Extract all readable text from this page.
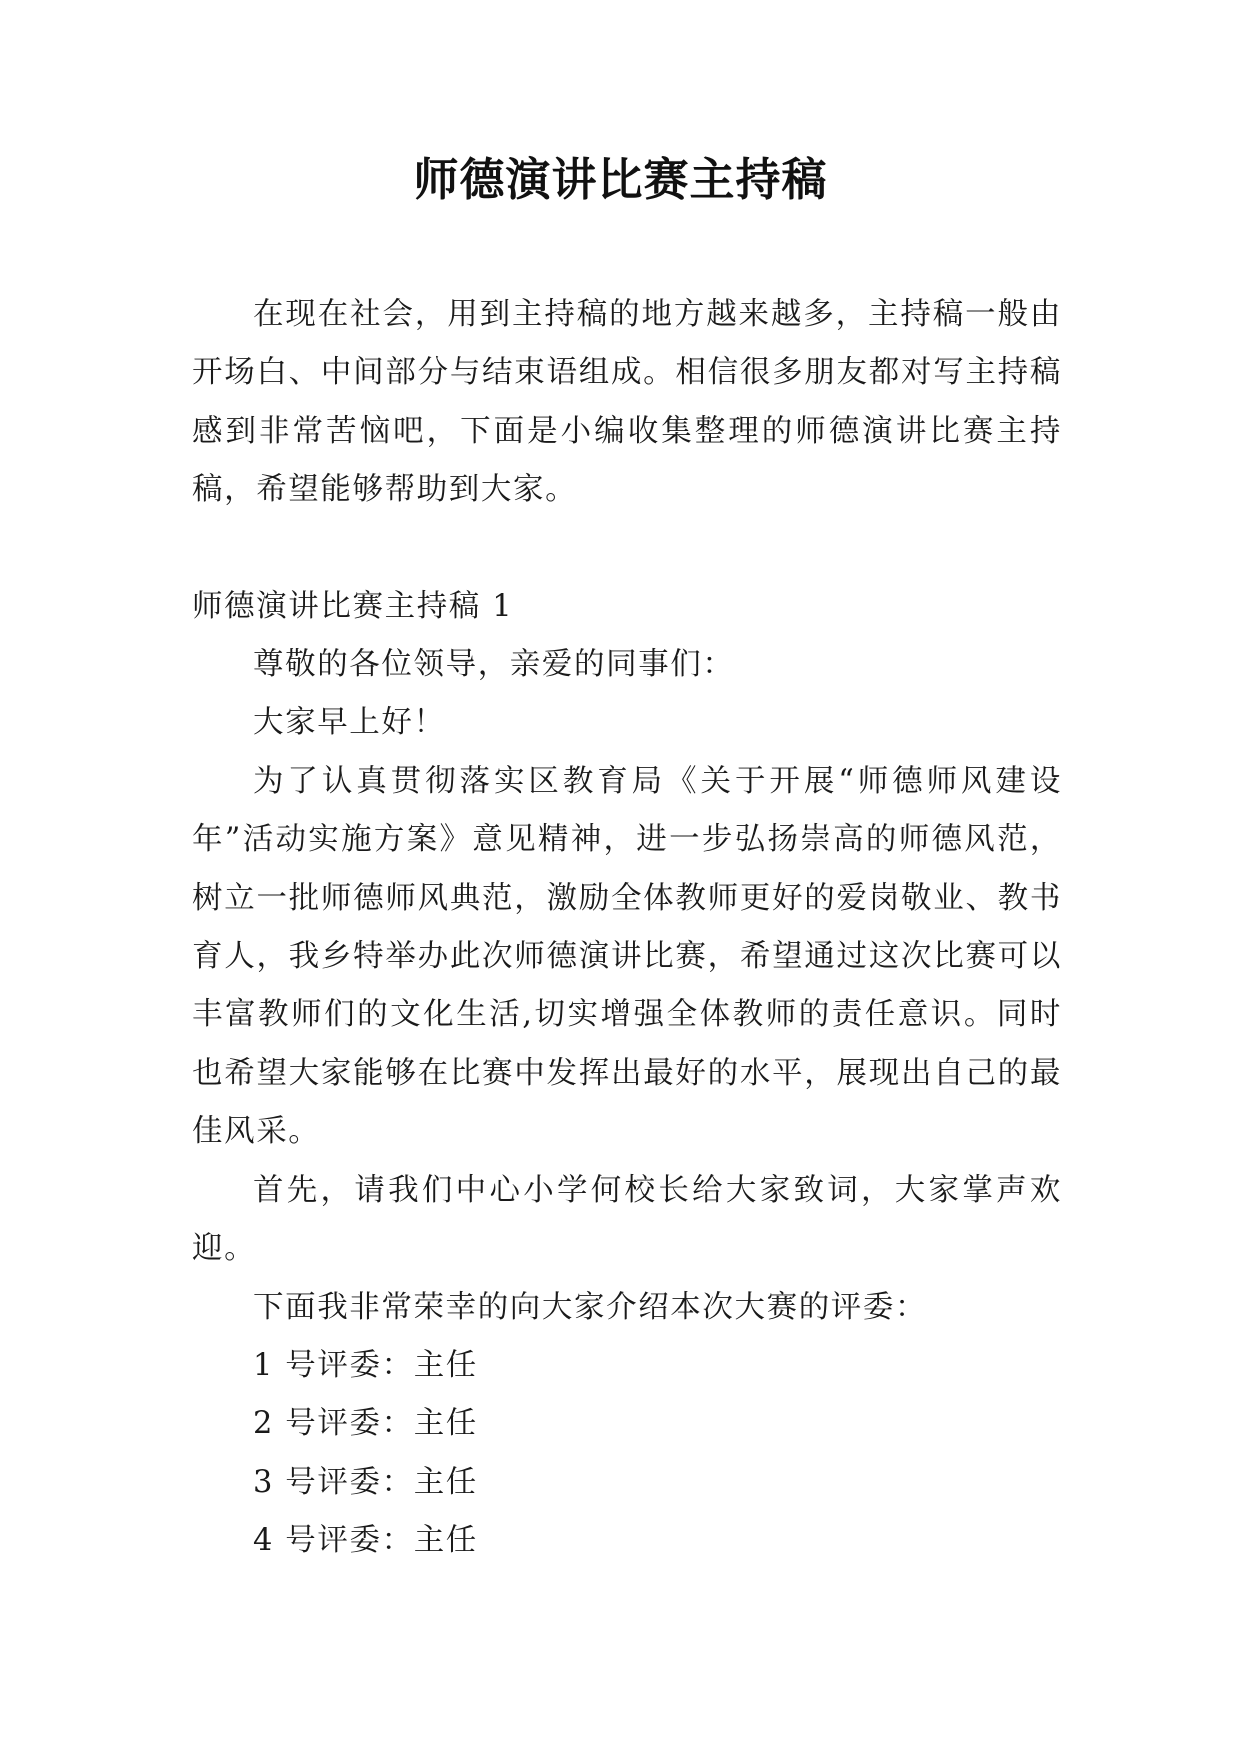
师德演讲比赛主持稿

在现在社会，用到主持稿的地方越来越多，主持稿一般由开场白、中间部分与结束语组成。相信很多朋友都对写主持稿感到非常苦恼吧，下面是小编收集整理的师德演讲比赛主持稿，希望能够帮助到大家。

师德演讲比赛主持稿 1

尊敬的各位领导，亲爱的同事们：

大家早上好！

为了认真贯彻落实区教育局《关于开展“师德师风建设年”活动实施方案》意见精神，进一步弘扬崇高的师德风范，树立一批师德师风典范，激励全体教师更好的爱岗敬业、教书育人，我乡特举办此次师德演讲比赛，希望通过这次比赛可以丰富教师们的文化生活,切实增强全体教师的责任意识。同时也希望大家能够在比赛中发挥出最好的水平，展现出自己的最佳风采。

首先，请我们中心小学何校长给大家致词，大家掌声欢迎。

下面我非常荣幸的向大家介绍本次大赛的评委：

1 号评委：主任

2 号评委：主任

3 号评委：主任

4 号评委：主任
